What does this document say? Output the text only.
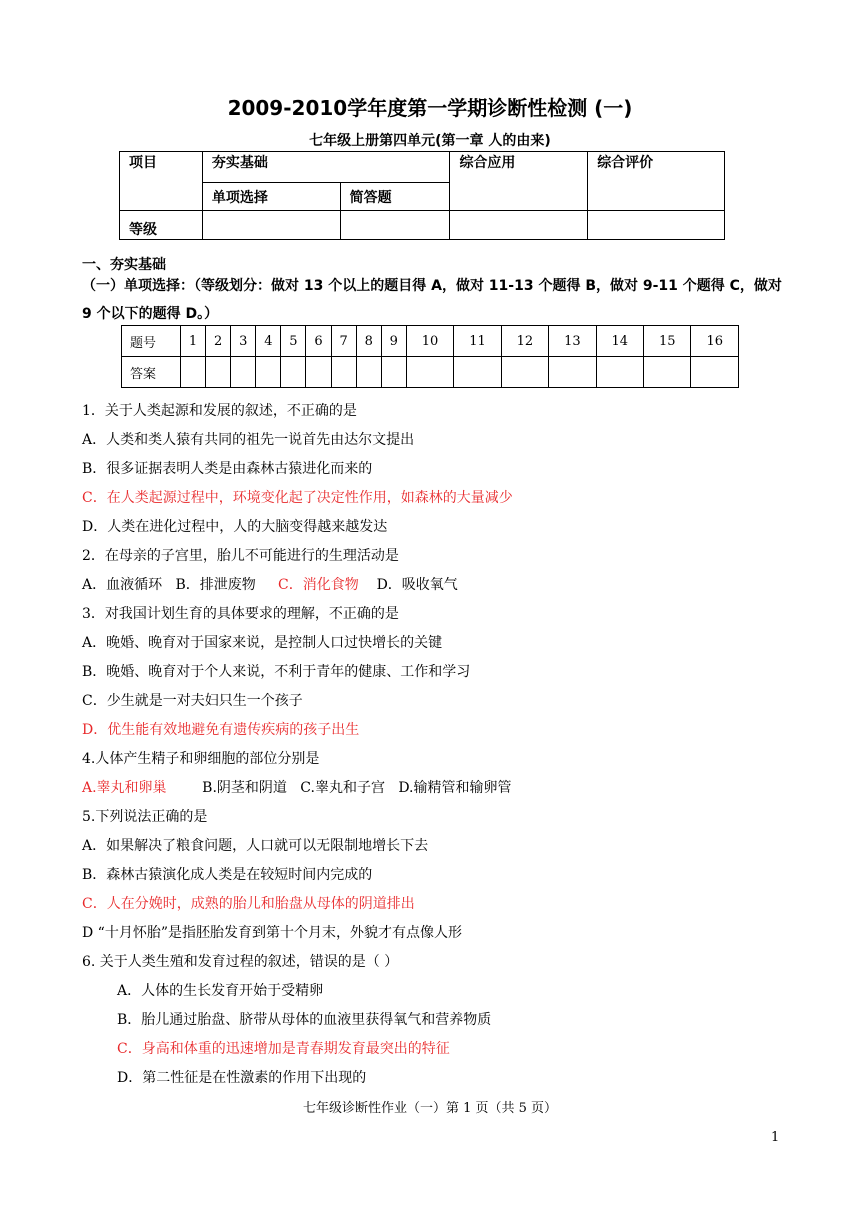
2009-2010学年度第一学期诊断性检测 (一)
七年级上册第四单元(第一章 人的由来)
项目	夯实基础		综合应用	综合评价
	单项选择	简答题		
等级				
一、夯实基础
（一）单项选择：（等级划分：做对 13 个以上的题目得 A，做对 11-13 个题得 B，做对 9-11 个题得 C，做对 9 个以下的题得 D。）
题号	1	2	3	4	5	6	7	8	9	10	11	12	13	14	15	16
答案																
1．关于人类起源和发展的叙述，不正确的是
A．人类和类人猿有共同的祖先一说首先由达尔文提出
B．很多证据表明人类是由森林古猿进化而来的
C．在人类起源过程中，环境变化起了决定性作用，如森林的大量减少
D．人类在进化过程中，人的大脑变得越来越发达
2．在母亲的子宫里，胎儿不可能进行的生理活动是
A．血液循环 B．排泄废物 C．消化食物 D．吸收氧气
3．对我国计划生育的具体要求的理解，不正确的是
A．晚婚、晚育对于国家来说，是控制人口过快增长的关键
B．晚婚、晚育对于个人来说，不利于青年的健康、工作和学习
C．少生就是一对夫妇只生一个孩子
D．优生能有效地避免有遗传疾病的孩子出生
4.人体产生精子和卵细胞的部位分别是
A.睾丸和卵巢	B.阴茎和阴道 C.睾丸和子宫 D.输精管和输卵管
5.下列说法正确的是
A．如果解决了粮食问题，人口就可以无限制地增长下去
B．森林古猿演化成人类是在较短时间内完成的
C．人在分娩时，成熟的胎儿和胎盘从母体的阴道排出
D “十月怀胎”是指胚胎发育到第十个月末，外貌才有点像人形
6. 关于人类生殖和发育过程的叙述，错误的是（ ）
A．人体的生长发育开始于受精卵
B．胎儿通过胎盘、脐带从母体的血液里获得氧气和营养物质
C．身高和体重的迅速增加是青春期发育最突出的特征
D．第二性征是在性激素的作用下出现的
七年级诊断性作业（一）第 1 页（共 5 页）
1
